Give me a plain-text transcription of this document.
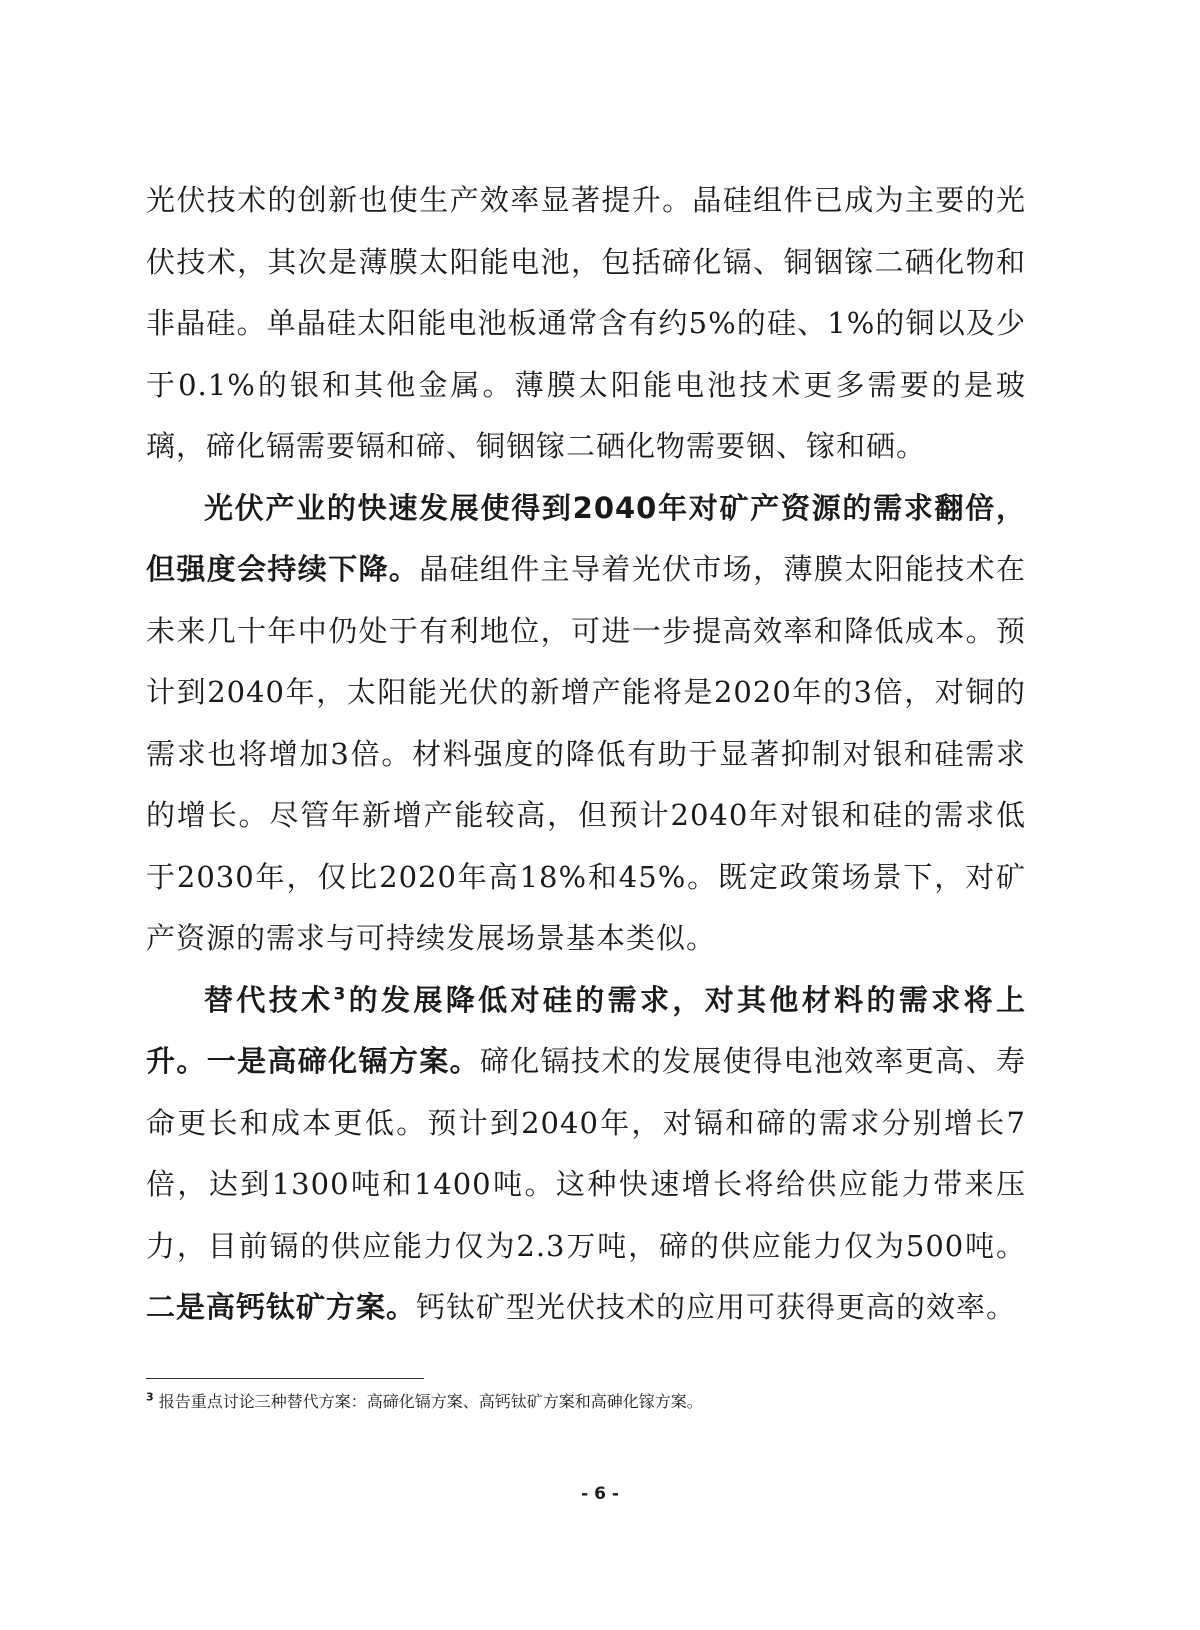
光伏技术的创新也使生产效率显著提升。晶硅组件已成为主要的光伏技术，其次是薄膜太阳能电池，包括碲化镉、铜铟镓二硒化物和非晶硅。单晶硅太阳能电池板通常含有约5%的硅、1%的铜以及少于0.1%的银和其他金属。薄膜太阳能电池技术更多需要的是玻璃，碲化镉需要镉和碲、铜铟镓二硒化物需要铟、镓和硒。

光伏产业的快速发展使得到2040年对矿产资源的需求翻倍，但强度会持续下降。晶硅组件主导着光伏市场，薄膜太阳能技术在未来几十年中仍处于有利地位，可进一步提高效率和降低成本。预计到2040年，太阳能光伏的新增产能将是2020年的3倍，对铜的需求也将增加3倍。材料强度的降低有助于显著抑制对银和硅需求的增长。尽管年新增产能较高，但预计2040年对银和硅的需求低于2030年，仅比2020年高18%和45%。既定政策场景下，对矿产资源的需求与可持续发展场景基本类似。

替代技术$^3$的发展降低对硅的需求，对其他材料的需求将上升。一是高碲化镉方案。碲化镉技术的发展使得电池效率更高、寿命更长和成本更低。预计到2040年，对镉和碲的需求分别增长7倍，达到1300吨和1400吨。这种快速增长将给供应能力带来压力，目前镉的供应能力仅为2.3万吨，碲的供应能力仅为500吨。二是高钙钛矿方案。钙钛矿型光伏技术的应用可获得更高的效率。

$^3$ 报告重点讨论三种替代方案：高碲化镉方案、高钙钛矿方案和高砷化镓方案。
- 6 -
